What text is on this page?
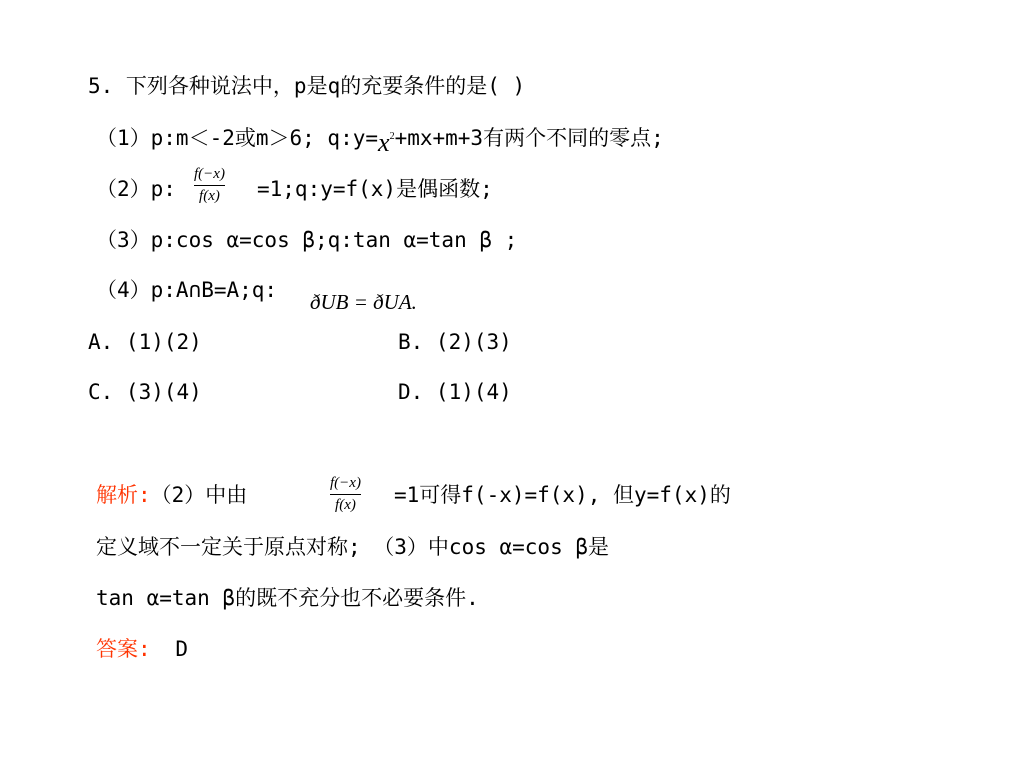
5. 下列各种说法中，p是q的充要条件的是( )
（1）p:m＜-2或m＞6; $q:y=x^2+mx+m+3$有两个不同的零点;
（2）p:
f(−x)
f(x) =1;q:y=f(x)是偶函数;
（3）p:cos α=cos β;q:tan α=tan β ;
（4）p:A∩B=A;q: ðUB = ðUA.
A. (1)(2)	B. (2)(3)
C. (3)(4)	D. (1)(4)
解析:（2）中由	f(−x)
f(x) =1可得f(-x)=f(x), 但y=f(x)的
定义域不一定关于原点对称; （3）中cos α=cos β是
tan α=tan β的既不充分也不必要条件.
答案: D
